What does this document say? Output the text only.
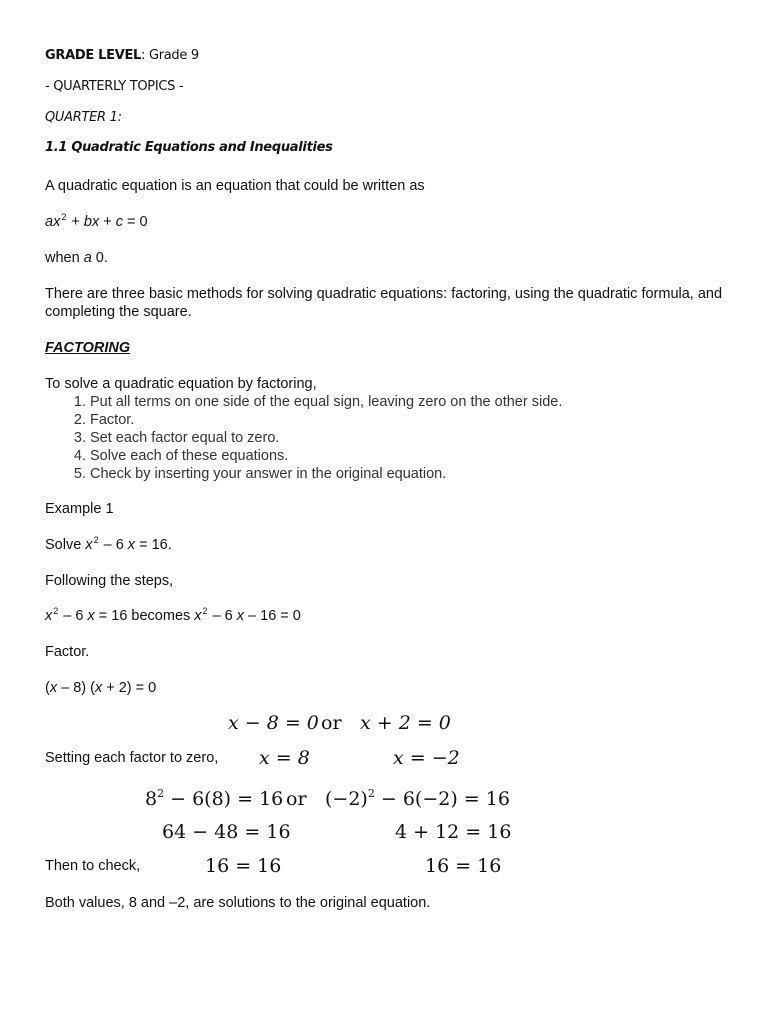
GRADE LEVEL: Grade 9
- QUARTERLY TOPICS -
QUARTER 1:
1.1 Quadratic Equations and Inequalities
A quadratic equation is an equation that could be written as
$ax^2$ + bx + c = 0
when a 0.
There are three basic methods for solving quadratic equations: factoring, using the quadratic formula, and completing the square.
FACTORING
To solve a quadratic equation by factoring,
1. Put all terms on one side of the equal sign, leaving zero on the other side.
2. Factor.
3. Set each factor equal to zero.
4. Solve each of these equations.
5. Check by inserting your answer in the original equation.
Example 1
Solve $x^2 - 6$ x = 16.
Following the steps,
$x^2 - 6$ x = 16 becomes $x^2 - 6$ x – 16 = 0
Factor.
(x – 8) (x + 2) = 0
x − 8 = 0 or x + 2 = 0
Setting each factor to zero, x = 8	x = −2
$8^2 - 6(8) = 16$ or $(-2)^2 - 6(-2) = 16$
64 − 48 = 16	4 + 12 = 16
Then to check,	16 = 16	16 = 16
Both values, 8 and –2, are solutions to the original equation.
